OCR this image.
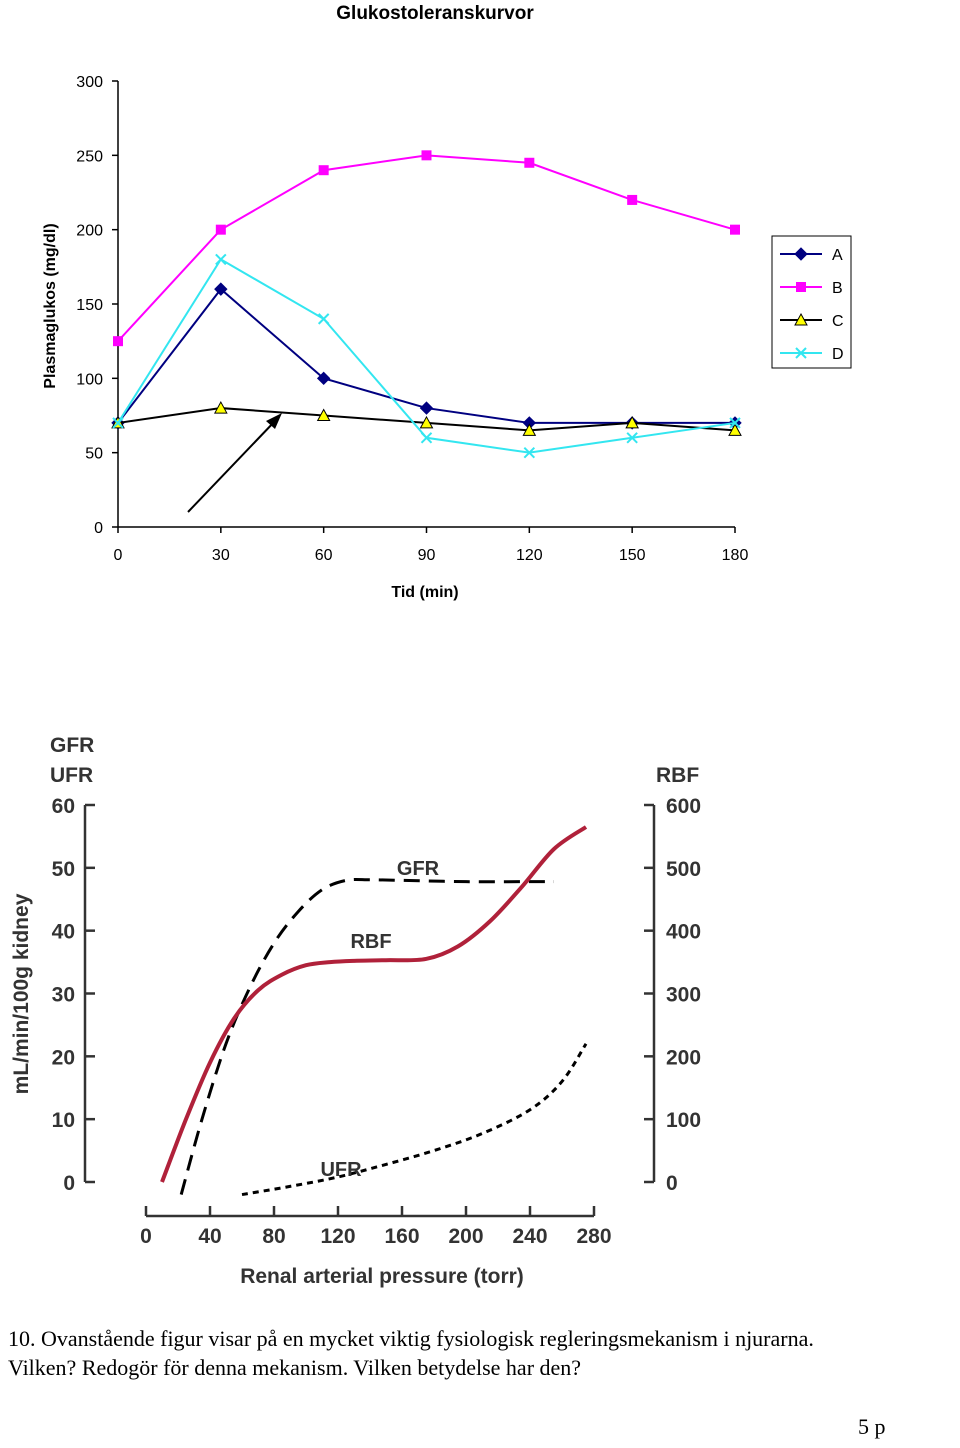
Glukostoleranskurvor
Plasmaglukos (mg/dl)
0
50
100
150
200
250
300
0	30	60	90	120	150	180
Tid (min)
A
B
C
D
GFR
UFR	RBF
mL/min/100g kidney
Renal arterial pressure (torr)
0
10
20
30
40
50
60
0
100
200
300
400
500
600
0 40 80 120 160 200 240 280
GFR
RBF
UFR
10. Ovanstående figur visar på en mycket viktig fysiologisk regleringsmekanism i njurarna.
Vilken? Redogör för denna mekanism. Vilken betydelse har den?
5 p
